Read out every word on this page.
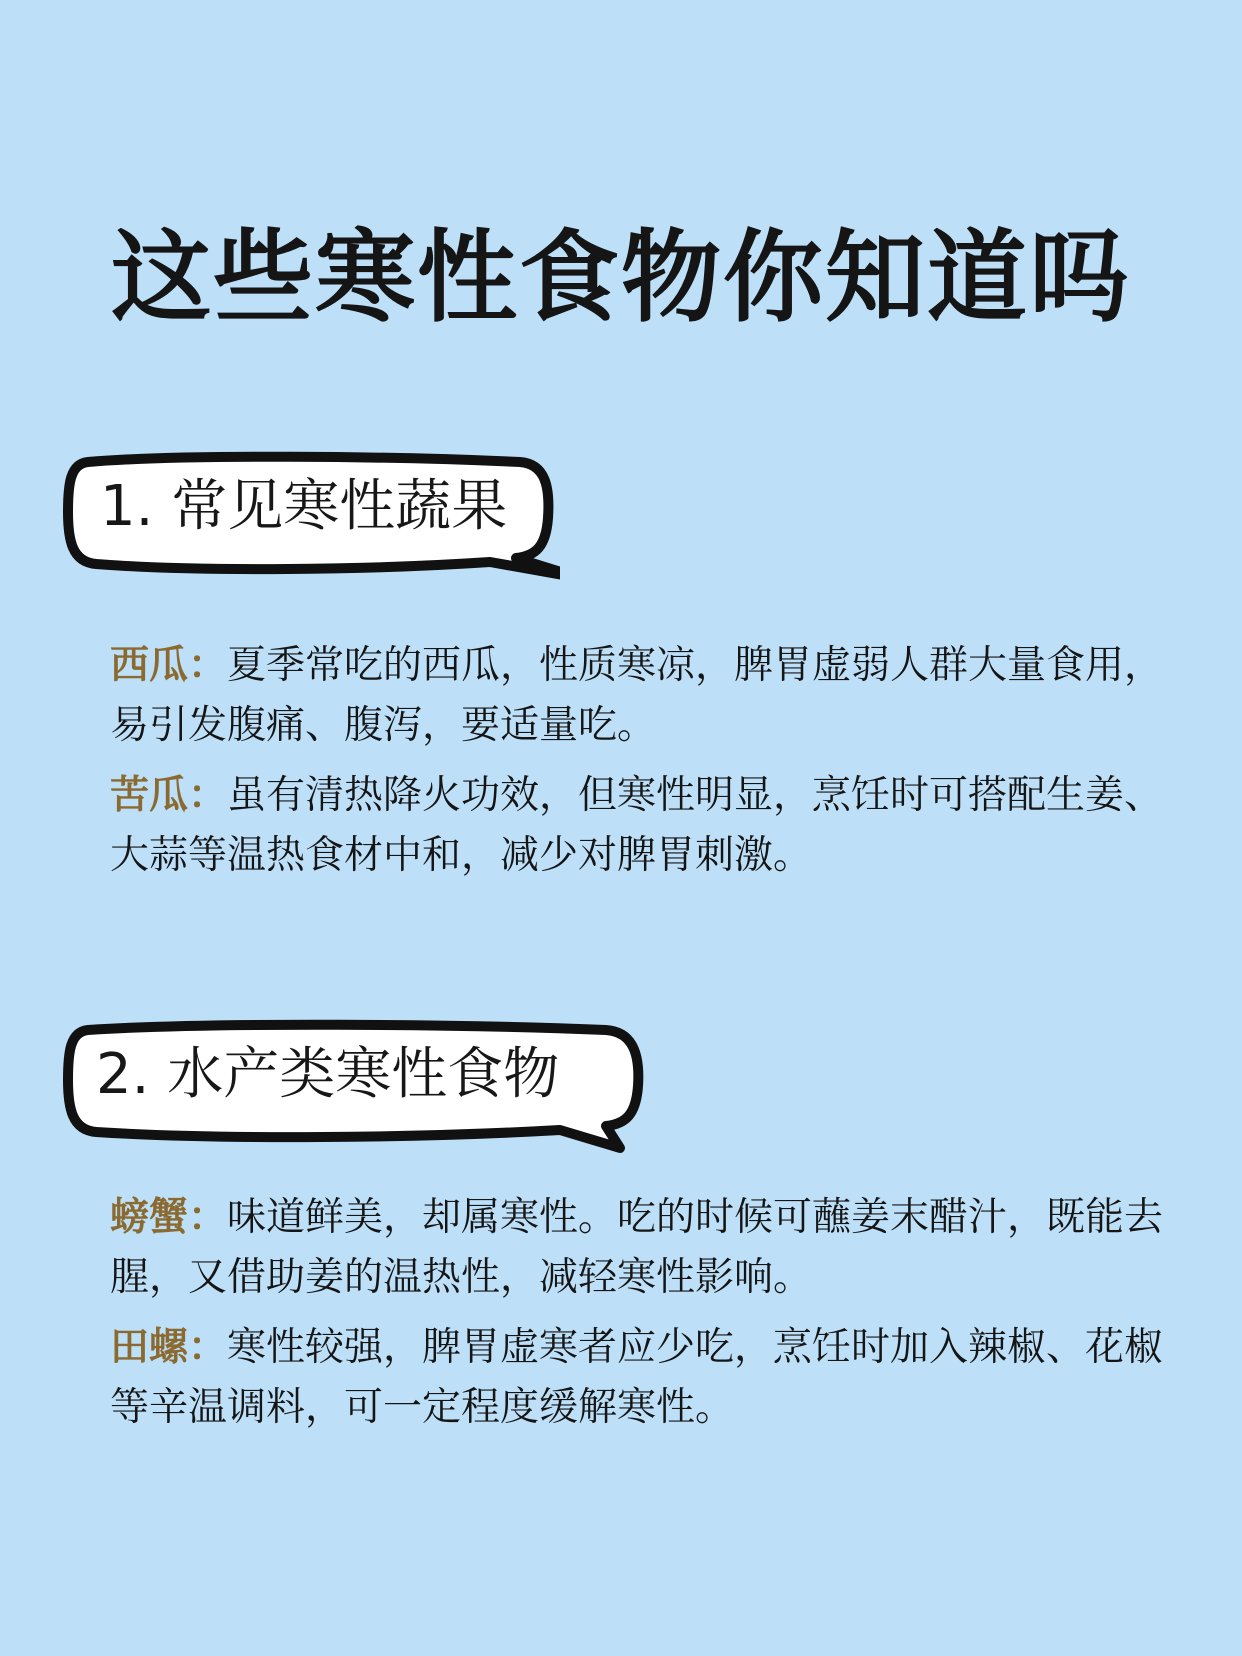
这些寒性食物你知道吗
1. 常见寒性蔬果

西瓜：夏季常吃的西瓜，性质寒凉，脾胃虚弱人群大量食用，易引发腹痛、腹泻，要适量吃。

苦瓜：虽有清热降火功效，但寒性明显，烹饪时可搭配生姜、大蒜等温热食材中和，减少对脾胃刺激。

2. 水产类寒性食物

螃蟹：味道鲜美，却属寒性。吃的时候可蘸姜末醋汁，既能去腥，又借助姜的温热性，减轻寒性影响。

田螺：寒性较强，脾胃虚寒者应少吃，烹饪时加入辣椒、花椒等辛温调料，可一定程度缓解寒性。
